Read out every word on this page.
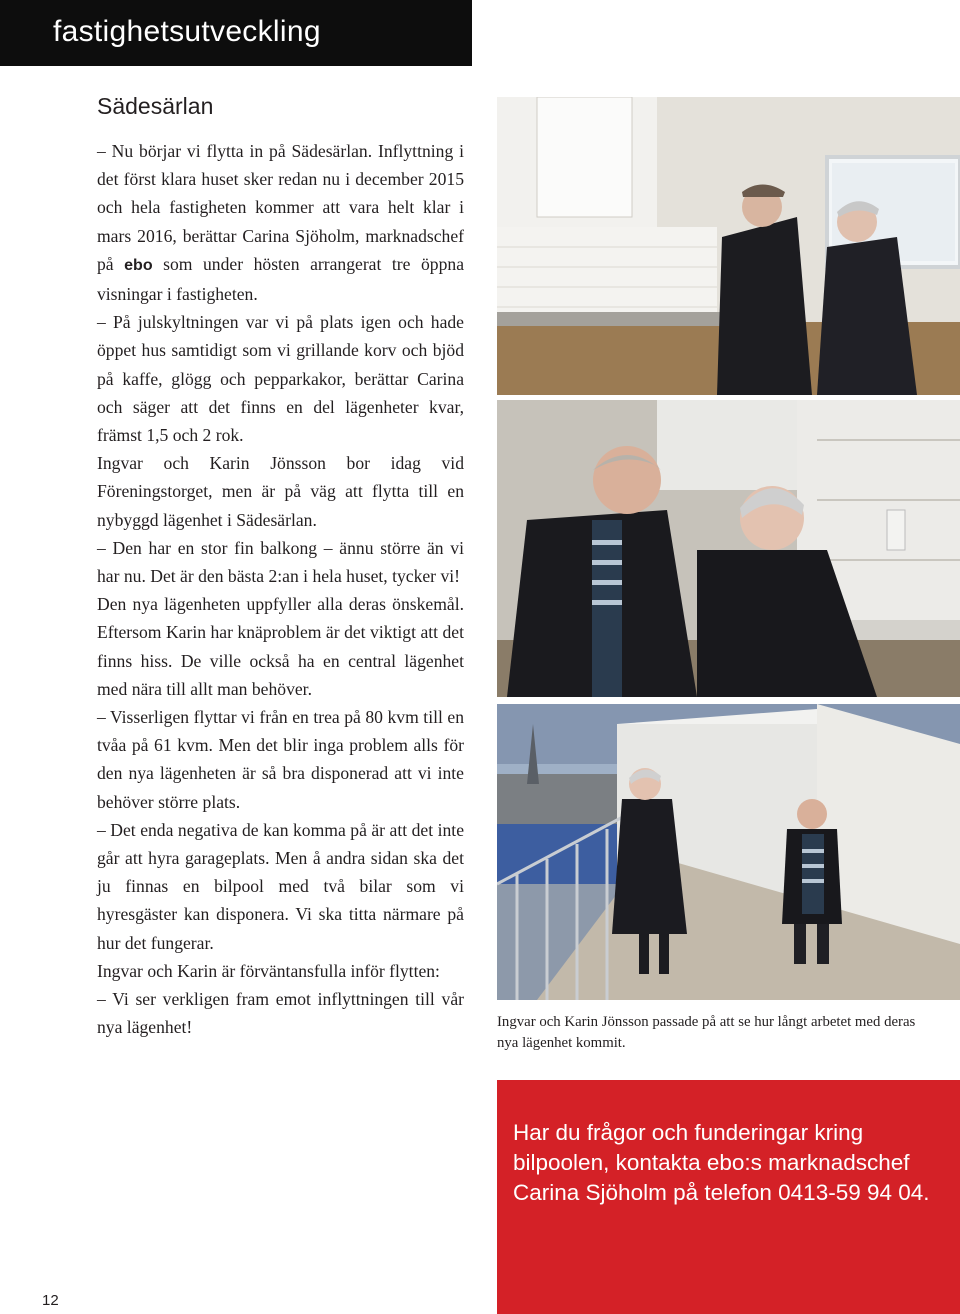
fastighetsutveckling
Sädesärlan

– Nu börjar vi flytta in på Sädesärlan. Inflyttning i det först klara huset sker redan nu i december 2015 och hela fastigheten kommer att vara helt klar i mars 2016, berättar Carina Sjöholm, marknadschef på ebo som under hösten arrangerat tre öppna visningar i fastigheten.

– På julskyltningen var vi på plats igen och hade öppet hus samtidigt som vi grillande korv och bjöd på kaffe, glögg och pepparkakor, berättar Carina och säger att det finns en del lägenheter kvar, främst 1,5 och 2 rok.

Ingvar och Karin Jönsson bor idag vid Föreningstorget, men är på väg att flytta till en nybyggd lägenhet i Sädesärlan.

– Den har en stor fin balkong – ännu större än vi har nu. Det är den bästa 2:an i hela huset, tycker vi!

Den nya lägenheten uppfyller alla deras önskemål. Eftersom Karin har knäproblem är det viktigt att det finns hiss. De ville också ha en central lägenhet med nära till allt man behöver.

– Visserligen flyttar vi från en trea på 80 kvm till en tvåa på 61 kvm. Men det blir inga problem alls för den nya lägenheten är så bra disponerad att vi inte behöver större plats.

– Det enda negativa de kan komma på är att det inte går att hyra garageplats. Men å andra sidan ska det ju finnas en bilpool med två bilar som vi hyresgäster kan disponera. Vi ska titta närmare på hur det fungerar.

Ingvar och Karin är förväntansfulla inför flytten:

– Vi ser verkligen fram emot inflyttningen till vår nya lägenhet!	Ingvar och Karin Jönsson passade på att se hur långt arbetet med deras nya lägenhet kommit.
Har du frågor och funderingar kring bilpoolen, kontakta ebo:s marknadschef Carina Sjöholm på telefon 0413-59 94 04.
12
